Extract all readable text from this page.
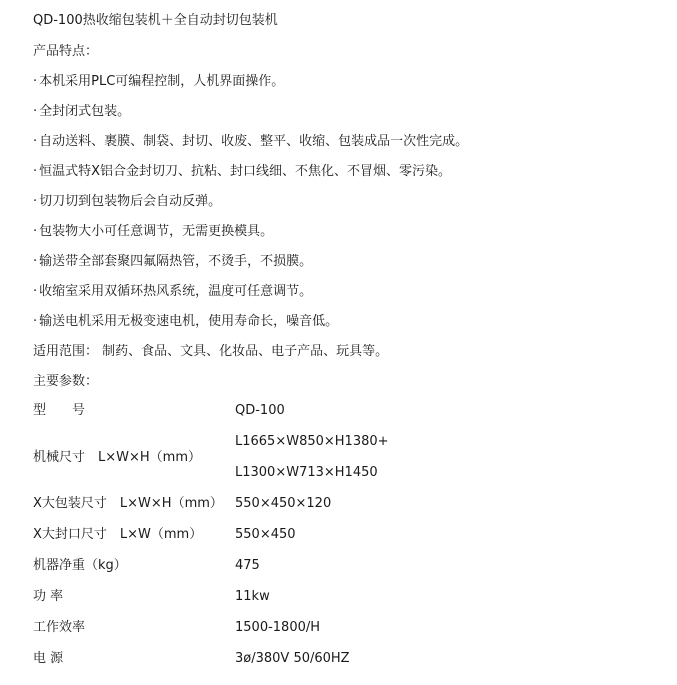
QD-100热收缩包装机＋全自动封切包装机
产品特点：
· 本机采用PLC可编程控制，人机界面操作。
· 全封闭式包装。
· 自动送料、裹膜、制袋、封切、收废、整平、收缩、包装成品一次性完成。
· 恒温式特X铝合金封切刀、抗粘、封口线细、不焦化、不冒烟、零污染。
· 切刀切到包装物后会自动反弹。
· 包装物大小可任意调节，无需更换模具。
· 输送带全部套聚四氟隔热管，不烫手，不损膜。
· 收缩室采用双循环热风系统，温度可任意调节。
· 输送电机采用无极变速电机，使用寿命长，噪音低。
适用范围： 制药、食品、文具、化妆品、电子产品、玩具等。
主要参数：
型　　号	QD-100
机械尺寸　L×W×H（mm）
L1665×W850×H1380+
L1300×W713×H1450
X大包装尺寸　L×W×H（mm） 550×450×120
X大封口尺寸　L×W（mm）	550×450
机器净重（kg）	475
功 率	11kw
工作效率	1500-1800/H
电 源	3ø/380V 50/60HZ
